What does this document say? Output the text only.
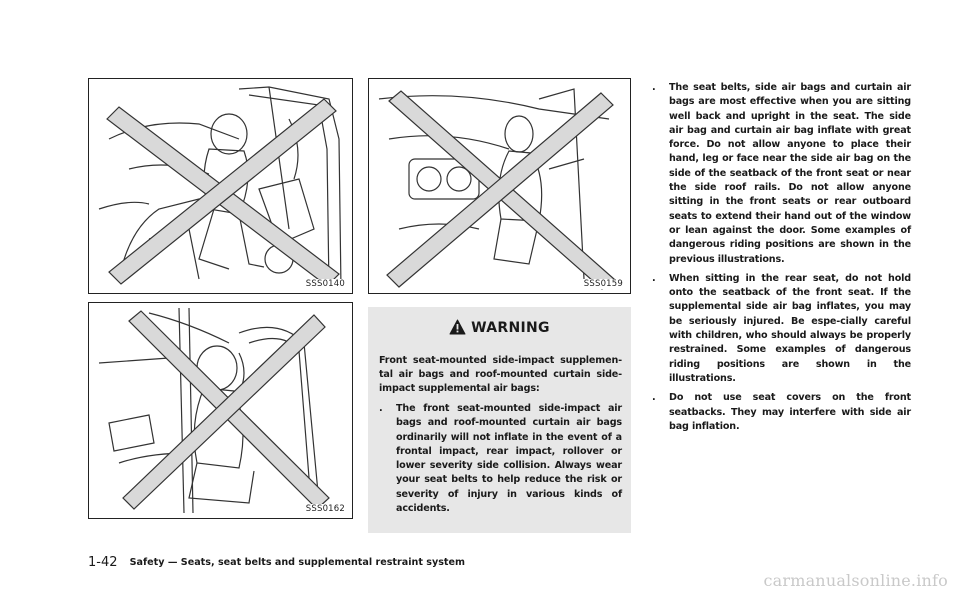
SSS0140
SSS0162
SSS0159
WARNING
Front seat-mounted side-impact supplemen-tal air bags and roof-mounted curtain side-impact supplemental air bags:
.	The front seat-mounted side-impact air bags and roof-mounted curtain air bags ordinarily will not inflate in the event of a frontal impact, rear impact, rollover or lower severity side collision. Always wear your seat belts to help reduce the risk or severity of injury in various kinds of accidents.
.	The seat belts, side air bags and curtain air bags are most effective when you are sitting well back and upright in the seat. The side air bag and curtain air bag inflate with great force. Do not allow anyone to place their hand, leg or face near the side air bag on the side of the seatback of the front seat or near the side roof rails. Do not allow anyone sitting in the front seats or rear outboard seats to extend their hand out of the window or lean against the door. Some examples of dangerous riding positions are shown in the previous illustrations.
.	When sitting in the rear seat, do not hold onto the seatback of the front seat. If the supplemental side air bag inflates, you may be seriously injured. Be espe-cially careful with children, who should always be properly restrained. Some examples of dangerous riding positions are shown in the illustrations.
.	Do not use seat covers on the front seatbacks. They may interfere with side air bag inflation.
1-42 Safety — Seats, seat belts and supplemental restraint system
carmanualsonline.info
